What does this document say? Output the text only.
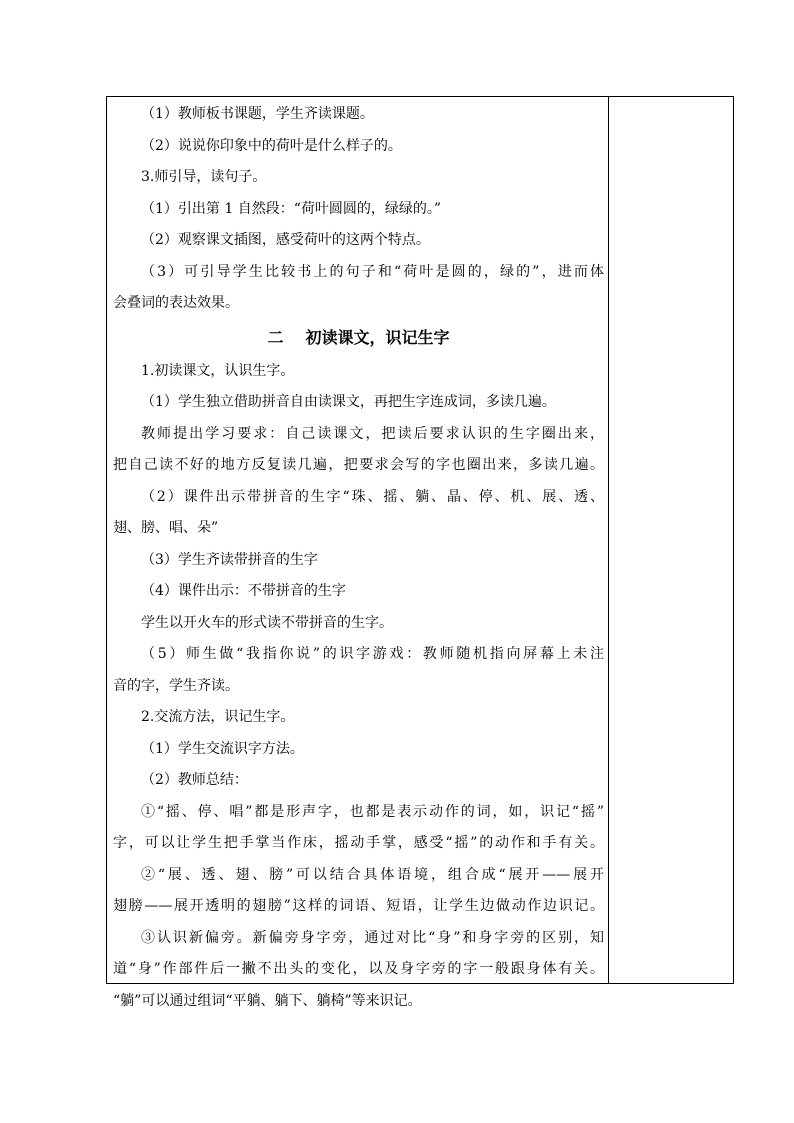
（1）教师板书课题，学生齐读课题。
（2）说说你印象中的荷叶是什么样子的。
3.师引导，读句子。
（1）引出第 1 自然段：“荷叶圆圆的，绿绿的。”
（2）观察课文插图，感受荷叶的这两个特点。
（3）可引导学生比较书上的句子和“荷叶是圆的，绿的”，进而体
会叠词的表达效果。
二 初读课文，识记生字
1.初读课文，认识生字。
（1）学生独立借助拼音自由读课文，再把生字连成词，多读几遍。
教师提出学习要求：自己读课文，把读后要求认识的生字圈出来，
把自己读不好的地方反复读几遍，把要求会写的字也圈出来，多读几遍。
（2）课件出示带拼音的生字“珠、摇、躺、晶、停、机、展、透、
翅、膀、唱、朵”
（3）学生齐读带拼音的生字
（4）课件出示：不带拼音的生字
学生以开火车的形式读不带拼音的生字。
（5）师生做“我指你说”的识字游戏：教师随机指向屏幕上未注
音的字，学生齐读。
2.交流方法，识记生字。
（1）学生交流识字方法。
（2）教师总结：
①“摇、停、唱”都是形声字，也都是表示动作的词，如，识记“摇”
字，可以让学生把手掌当作床，摇动手掌，感受“摇”的动作和手有关。
②“展、透、翅、膀”可以结合具体语境，组合成“展开——展开
翅膀——展开透明的翅膀”这样的词语、短语，让学生边做动作边识记。
③认识新偏旁。新偏旁身字旁，通过对比“身”和身字旁的区别，知
道“身”作部件后一撇不出头的变化，以及身字旁的字一般跟身体有关。
“躺”可以通过组词“平躺、躺下、躺椅”等来识记。
